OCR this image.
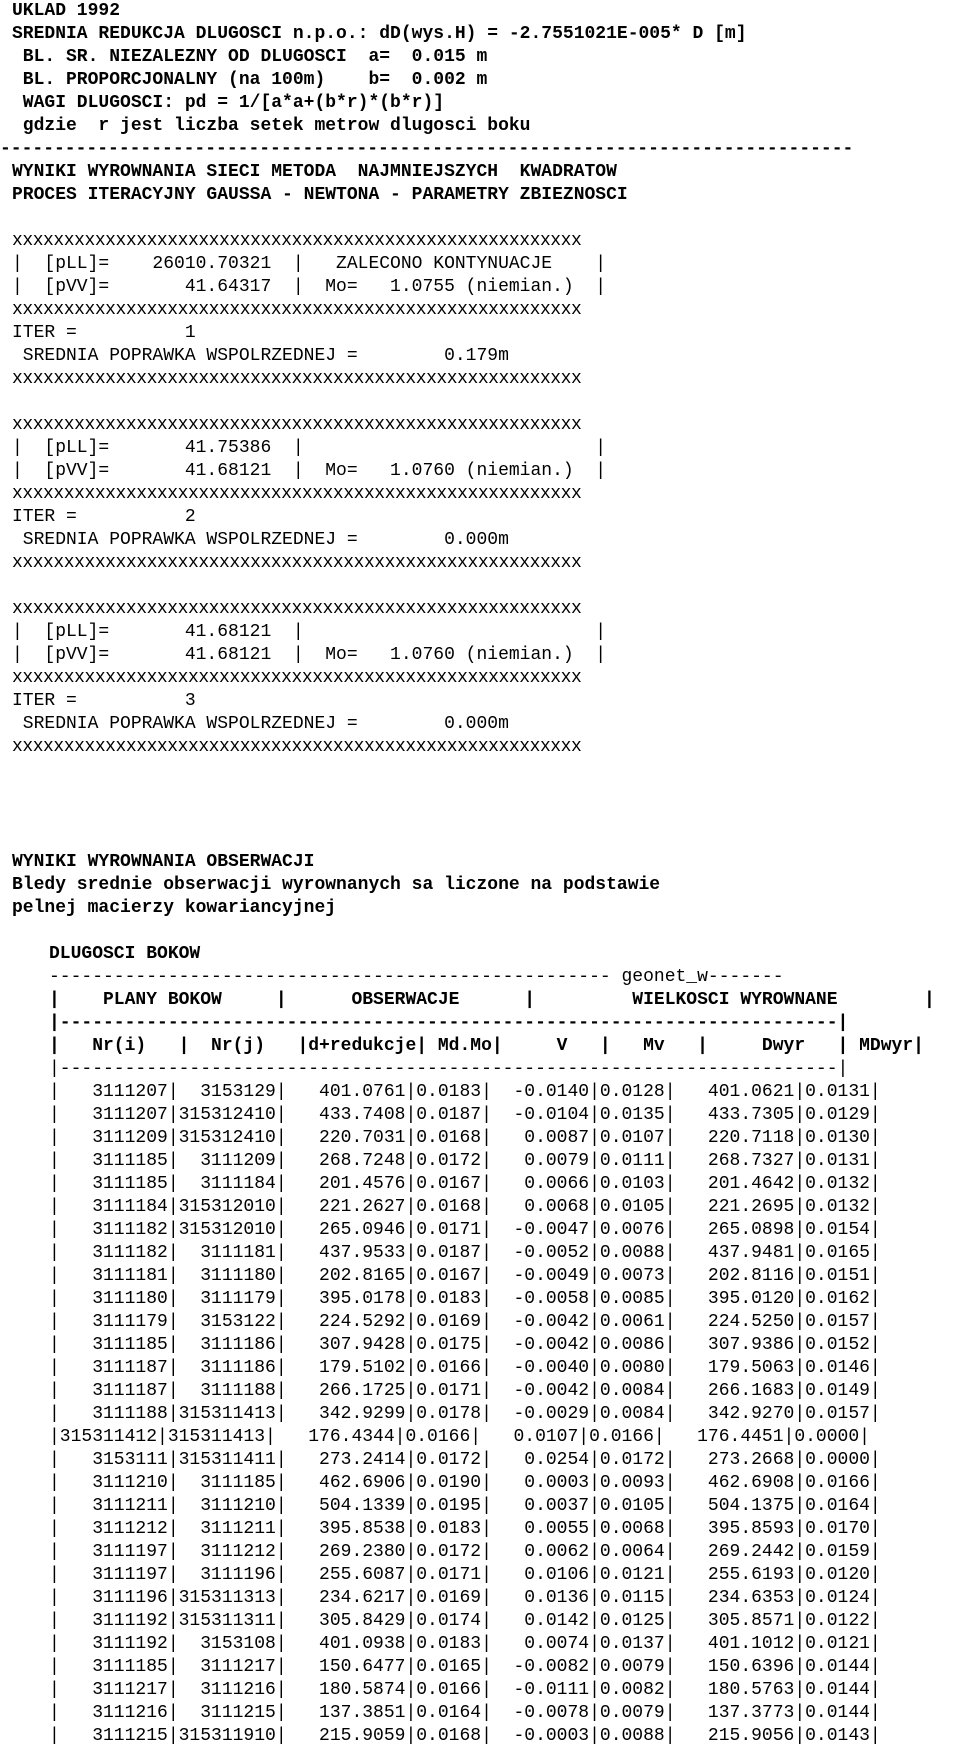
UKLAD 1992

SREDNIA REDUKCJA DLUGOSCI n.p.o.: dD(wys.H) = -2.7551021E-005* D [m]

BL. SR. NIEZALEZNY OD DLUGOSCI  a=  0.015 m

BL. PROPORCJONALNY (na 100m)    b=  0.002 m

WAGI DLUGOSCI: pd = 1/[a*a+(b*r)*(b*r)]

gdzie  r jest liczba setek metrow dlugosci boku

-------------------------------------------------------------------------------

WYNIKI WYROWNANIA SIECI METODA  NAJMNIEJSZYCH  KWADRATOW

PROCES ITERACYJNY GAUSSA - NEWTONA - PARAMETRY ZBIEZNOSCI

xxxxxxxxxxxxxxxxxxxxxxxxxxxxxxxxxxxxxxxxxxxxxxxxxxxxxxx

|  [pLL]=    26010.70321  |   ZALECONO KONTYNUACJE    |

|  [pVV]=       41.64317  |  Mo=   1.0755 (niemian.)  |

xxxxxxxxxxxxxxxxxxxxxxxxxxxxxxxxxxxxxxxxxxxxxxxxxxxxxxx

ITER =          1

SREDNIA POPRAWKA WSPOLRZEDNEJ =        0.179m

xxxxxxxxxxxxxxxxxxxxxxxxxxxxxxxxxxxxxxxxxxxxxxxxxxxxxxx

xxxxxxxxxxxxxxxxxxxxxxxxxxxxxxxxxxxxxxxxxxxxxxxxxxxxxxx

|  [pLL]=       41.75386  |                           |

|  [pVV]=       41.68121  |  Mo=   1.0760 (niemian.)  |

xxxxxxxxxxxxxxxxxxxxxxxxxxxxxxxxxxxxxxxxxxxxxxxxxxxxxxx

ITER =          2

SREDNIA POPRAWKA WSPOLRZEDNEJ =        0.000m

xxxxxxxxxxxxxxxxxxxxxxxxxxxxxxxxxxxxxxxxxxxxxxxxxxxxxxx

xxxxxxxxxxxxxxxxxxxxxxxxxxxxxxxxxxxxxxxxxxxxxxxxxxxxxxx

|  [pLL]=       41.68121  |                           |

|  [pVV]=       41.68121  |  Mo=   1.0760 (niemian.)  |

xxxxxxxxxxxxxxxxxxxxxxxxxxxxxxxxxxxxxxxxxxxxxxxxxxxxxxx

ITER =          3

SREDNIA POPRAWKA WSPOLRZEDNEJ =        0.000m

xxxxxxxxxxxxxxxxxxxxxxxxxxxxxxxxxxxxxxxxxxxxxxxxxxxxxxx

WYNIKI WYROWNANIA OBSERWACJI

Bledy srednie obserwacji wyrownanych sa liczone na podstawie

pelnej macierzy kowariancyjnej

DLUGOSCI BOKOW

---------------------------------------------------- geonet_w-------

|    PLANY BOKOW     |      OBSERWACJE      |         WIELKOSCI WYROWNANE        |

|------------------------------------------------------------------------|

|   Nr(i)   |  Nr(j)   |d+redukcje| Md.Mo|     V   |   Mv   |     Dwyr   | MDwyr|

|------------------------------------------------------------------------|

|   3111207|  3153129|   401.0761|0.0183|  -0.0140|0.0128|   401.0621|0.0131|

|   3111207|315312410|   433.7408|0.0187|  -0.0104|0.0135|   433.7305|0.0129|

|   3111209|315312410|   220.7031|0.0168|   0.0087|0.0107|   220.7118|0.0130|

|   3111185|  3111209|   268.7248|0.0172|   0.0079|0.0111|   268.7327|0.0131|

|   3111185|  3111184|   201.4576|0.0167|   0.0066|0.0103|   201.4642|0.0132|

|   3111184|315312010|   221.2627|0.0168|   0.0068|0.0105|   221.2695|0.0132|

|   3111182|315312010|   265.0946|0.0171|  -0.0047|0.0076|   265.0898|0.0154|

|   3111182|  3111181|   437.9533|0.0187|  -0.0052|0.0088|   437.9481|0.0165|

|   3111181|  3111180|   202.8165|0.0167|  -0.0049|0.0073|   202.8116|0.0151|

|   3111180|  3111179|   395.0178|0.0183|  -0.0058|0.0085|   395.0120|0.0162|

|   3111179|  3153122|   224.5292|0.0169|  -0.0042|0.0061|   224.5250|0.0157|

|   3111185|  3111186|   307.9428|0.0175|  -0.0042|0.0086|   307.9386|0.0152|

|   3111187|  3111186|   179.5102|0.0166|  -0.0040|0.0080|   179.5063|0.0146|

|   3111187|  3111188|   266.1725|0.0171|  -0.0042|0.0084|   266.1683|0.0149|

|   3111188|315311413|   342.9299|0.0178|  -0.0029|0.0084|   342.9270|0.0157|

|315311412|315311413|   176.4344|0.0166|   0.0107|0.0166|   176.4451|0.0000|

|   3153111|315311411|   273.2414|0.0172|   0.0254|0.0172|   273.2668|0.0000|

|   3111210|  3111185|   462.6906|0.0190|   0.0003|0.0093|   462.6908|0.0166|

|   3111211|  3111210|   504.1339|0.0195|   0.0037|0.0105|   504.1375|0.0164|

|   3111212|  3111211|   395.8538|0.0183|   0.0055|0.0068|   395.8593|0.0170|

|   3111197|  3111212|   269.2380|0.0172|   0.0062|0.0064|   269.2442|0.0159|

|   3111197|  3111196|   255.6087|0.0171|   0.0106|0.0121|   255.6193|0.0120|

|   3111196|315311313|   234.6217|0.0169|   0.0136|0.0115|   234.6353|0.0124|

|   3111192|315311311|   305.8429|0.0174|   0.0142|0.0125|   305.8571|0.0122|

|   3111192|  3153108|   401.0938|0.0183|   0.0074|0.0137|   401.1012|0.0121|

|   3111185|  3111217|   150.6477|0.0165|  -0.0082|0.0079|   150.6396|0.0144|

|   3111217|  3111216|   180.5874|0.0166|  -0.0111|0.0082|   180.5763|0.0144|

|   3111216|  3111215|   137.3851|0.0164|  -0.0078|0.0079|   137.3773|0.0144|

|   3111215|315311910|   215.9059|0.0168|  -0.0003|0.0088|   215.9056|0.0143|
